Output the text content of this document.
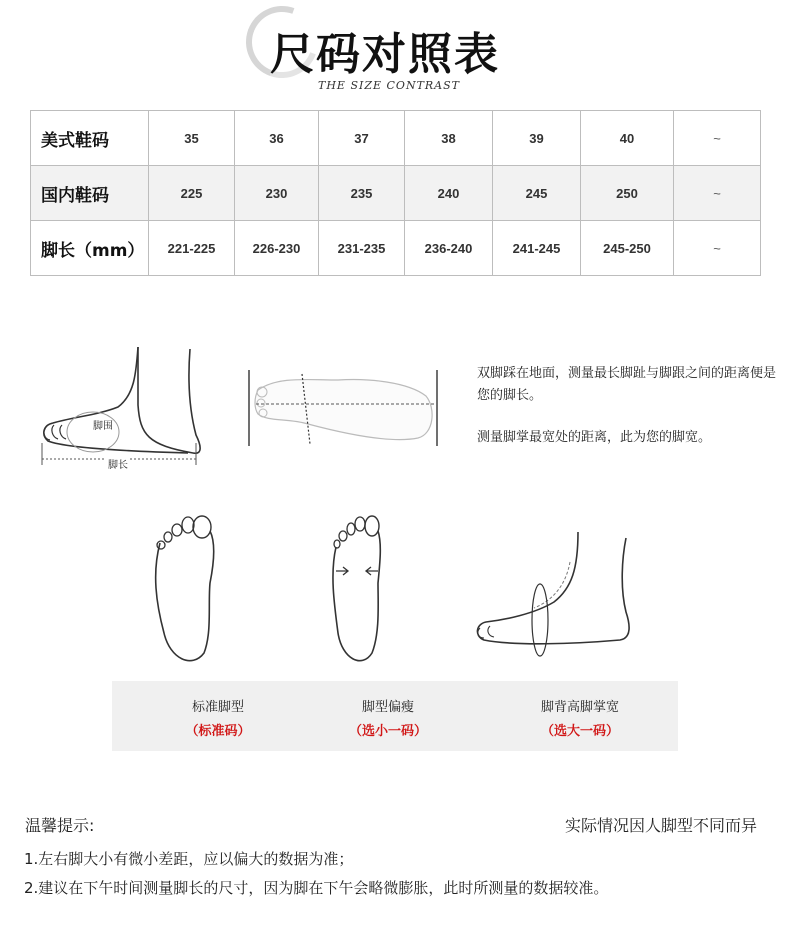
尺码对照表
THE SIZE CONTRAST
美式鞋码	35	36	37	38	39	40	~
国内鞋码	225	230	235	240	245	250	~
脚长（mm）	221-225	226-230	231-235	236-240	241-245	245-250	~
脚围
脚长
双脚踩在地面，测量最长脚趾与脚跟之间的距离便是您的脚长。
测量脚掌最宽处的距离，此为您的脚宽。
标准脚型
（标准码）
脚型偏瘦
（选小一码）
脚背高脚掌宽
（选大一码）
温馨提示:	实际情况因人脚型不同而异
1.左右脚大小有微小差距，应以偏大的数据为准；
2.建议在下午时间测量脚长的尺寸，因为脚在下午会略微膨胀，此时所测量的数据较准。
